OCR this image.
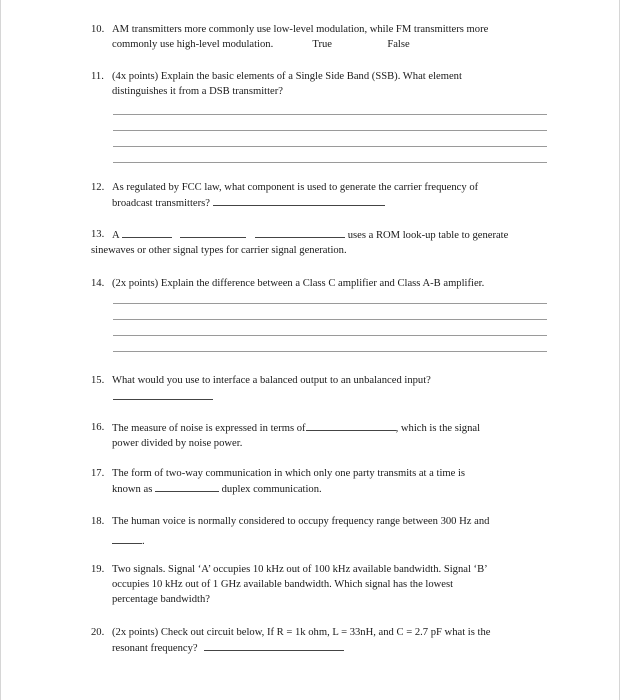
10. AM transmitters more commonly use low-level modulation, while FM transmitters more
commonly use high-level modulation.	True	False
11. (4x points) Explain the basic elements of a Single Side Band (SSB). What element
distinguishes it from a DSB transmitter?
12. As regulated by FCC law, what component is used to generate the carrier frequency of
broadcast transmitters?
13. A	uses a ROM look-up table to generate
sinewaves or other signal types for carrier signal generation.
14. (2x points) Explain the difference between a Class C amplifier and Class A-B amplifier.
15. What would you use to interface a balanced output to an unbalanced input?
16. The measure of noise is expressed in terms of	, which is the signal
power divided by noise power.
17. The form of two-way communication in which only one party transmits at a time is
known as	duplex communication.
18. The human voice is normally considered to occupy frequency range between 300 Hz and
.
19. Two signals. Signal ‘A’ occupies 10 kHz out of 100 kHz available bandwidth. Signal ‘B’
occupies 10 kHz out of 1 GHz available bandwidth. Which signal has the lowest
percentage bandwidth?
20. (2x points) Check out circuit below, If R = 1k ohm, L = 33nH, and C = 2.7 pF what is the
resonant frequency?
